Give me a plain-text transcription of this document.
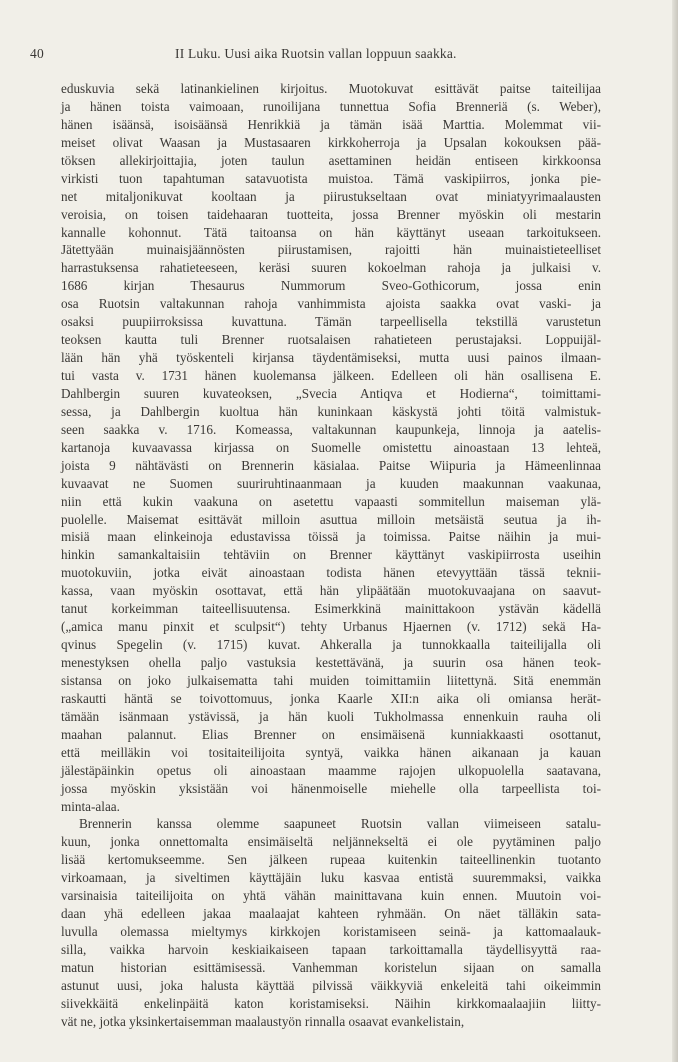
40	II Luku. Uusi aika Ruotsin vallan loppuun saakka.
eduskuvia sekä latinankielinen kirjoitus. Muotokuvat esittävät paitse taiteilijaa
ja hänen toista vaimoaan, runoilijana tunnettua Sofia Brenneriä (s. Weber),
hänen isäänsä, isoisäänsä Henrikkiä ja tämän isää Marttia. Molemmat vii-
meiset olivat Waasan ja Mustasaaren kirkkoherroja ja Upsalan kokouksen pää-
töksen allekirjoittajia, joten taulun asettaminen heidän entiseen kirkkoonsa
virkisti tuon tapahtuman satavuotista muistoa. Tämä vaskipiirros, jonka pie-
net mitaljonikuvat kooltaan ja piirustukseltaan ovat miniatyyrimaalausten
veroisia, on toisen taidehaaran tuotteita, jossa Brenner myöskin oli mestarin
kannalle kohonnut. Tätä taitoansa on hän käyttänyt useaan tarkoitukseen.
Jätettyään muinaisjäännösten piirustamisen, rajoitti hän muinaistieteelliset
harrastuksensa rahatieteeseen, keräsi suuren kokoelman rahoja ja julkaisi v.
1686 kirjan Thesaurus Nummorum Sveo-Gothicorum, jossa enin
osa Ruotsin valtakunnan rahoja vanhimmista ajoista saakka ovat vaski- ja
osaksi puupiirroksissa kuvattuna. Tämän tarpeellisella tekstillä varustetun
teoksen kautta tuli Brenner ruotsalaisen rahatieteen perustajaksi. Loppuijäl-
lään hän yhä työskenteli kirjansa täydentämiseksi, mutta uusi painos ilmaan-
tui vasta v. 1731 hänen kuolemansa jälkeen. Edelleen oli hän osallisena E.
Dahlbergin suuren kuvateoksen, „Svecia Antiqva et Hodierna“, toimittami-
sessa, ja Dahlbergin kuoltua hän kuninkaan käskystä johti töitä valmistuk-
seen saakka v. 1716. Komeassa, valtakunnan kaupunkeja, linnoja ja aatelis-
kartanoja kuvaavassa kirjassa on Suomelle omistettu ainoastaan 13 lehteä,
joista 9 nähtävästi on Brennerin käsialaa. Paitse Wiipuria ja Hämeenlinnaa
kuvaavat ne Suomen suuriruhtinaanmaan ja kuuden maakunnan vaakunaa,
niin että kukin vaakuna on asetettu vapaasti sommitellun maiseman ylä-
puolelle. Maisemat esittävät milloin asuttua milloin metsäistä seutua ja ih-
misiä maan elinkeinoja edustavissa töissä ja toimissa. Paitse näihin ja mui-
hinkin samankaltaisiin tehtäviin on Brenner käyttänyt vaskipiirrosta useihin
muotokuviin, jotka eivät ainoastaan todista hänen etevyyttään tässä teknii-
kassa, vaan myöskin osottavat, että hän ylipäätään muotokuvaajana on saavut-
tanut korkeimman taiteellisuutensa. Esimerkkinä mainittakoon ystävän kädellä
(„amica manu pinxit et sculpsit“) tehty Urbanus Hjaernen (v. 1712) sekä Ha-
qvinus Spegelin (v. 1715) kuvat. Ahkeralla ja tunnokkaalla taiteilijalla oli
menestyksen ohella paljo vastuksia kestettävänä, ja suurin osa hänen teok-
sistansa on joko julkaisematta tahi muiden toimittamiin liitettynä. Sitä enemmän
raskautti häntä se toivottomuus, jonka Kaarle XII:n aika oli omiansa herät-
tämään isänmaan ystävissä, ja hän kuoli Tukholmassa ennenkuin rauha oli
maahan palannut. Elias Brenner on ensimäisenä kunniakkaasti osottanut,
että meilläkin voi tositaiteilijoita syntyä, vaikka hänen aikanaan ja kauan
jälestäpäinkin opetus oli ainoastaan maamme rajojen ulkopuolella saatavana,
jossa myöskin yksistään voi hänenmoiselle miehelle olla tarpeellista toi-
minta-alaa.
Brennerin kanssa olemme saapuneet Ruotsin vallan viimeiseen satalu-
kuun, jonka onnettomalta ensimäiseltä neljännekseltä ei ole pyytäminen paljo
lisää kertomukseemme. Sen jälkeen rupeaa kuitenkin taiteellinenkin tuotanto
virkoamaan, ja siveltimen käyttäjäin luku kasvaa entistä suuremmaksi, vaikka
varsinaisia taiteilijoita on yhtä vähän mainittavana kuin ennen. Muutoin voi-
daan yhä edelleen jakaa maalaajat kahteen ryhmään. On näet tälläkin sata-
luvulla olemassa mieltymys kirkkojen koristamiseen seinä- ja kattomaalauk-
silla, vaikka harvoin keskiaikaiseen tapaan tarkoittamalla täydellisyyttä raa-
matun historian esittämisessä. Vanhemman koristelun sijaan on samalla
astunut uusi, joka halusta käyttää pilvissä väikkyviä enkeleitä tahi oikeimmin
siivekkäitä enkelinpäitä katon koristamiseksi. Näihin kirkkomaalaajiin liitty-
vät ne, jotka yksinkertaisemman maalaustyön rinnalla osaavat evankelistain,
